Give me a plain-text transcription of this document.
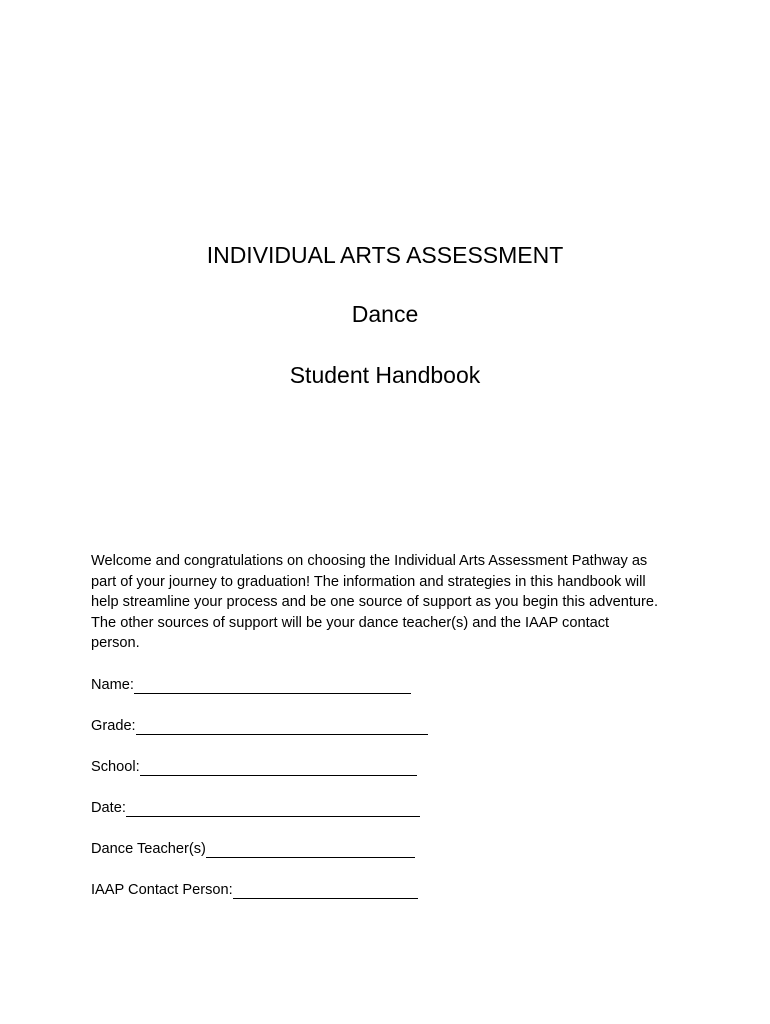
INDIVIDUAL ARTS ASSESSMENT
Dance
Student Handbook

Welcome and congratulations on choosing the Individual Arts Assessment Pathway as
part of your journey to graduation! The information and strategies in this handbook will
help streamline your process and be one source of support as you begin this adventure.
The other sources of support will be your dance teacher(s) and the IAAP contact
person.

Name:
Grade:
School:
Date:
Dance Teacher(s)
IAAP Contact Person:
